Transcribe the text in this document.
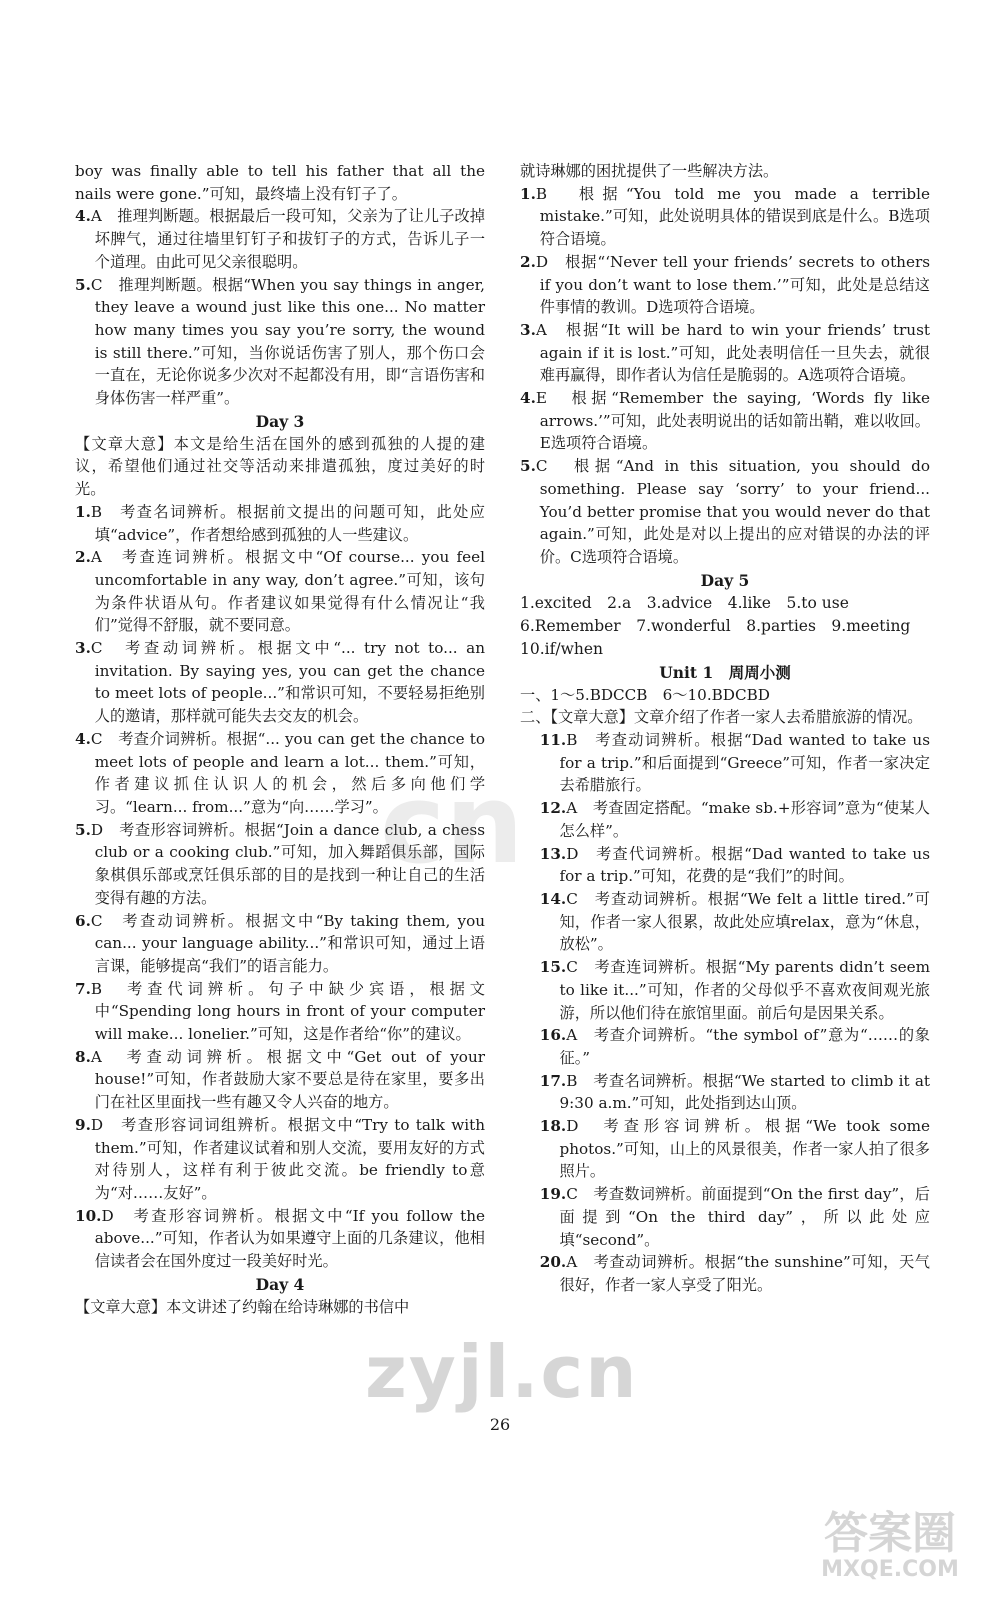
boy was finally able to tell his father that all the nails were gone.”可知，最终墙上没有钉子了。

4.A　推理判断题。根据最后一段可知，父亲为了让儿子改掉坏脾气，通过往墙里钉钉子和拔钉子的方式，告诉儿子一个道理。由此可见父亲很聪明。

5.C　推理判断题。根据“When you say things in anger, they leave a wound just like this one... No matter how many times you say you’re sorry, the wound is still there.”可知，当你说话伤害了别人，那个伤口会一直在，无论你说多少次对不起都没有用，即“言语伤害和身体伤害一样严重”。

Day 3

【文章大意】本文是给生活在国外的感到孤独的人提的建议，希望他们通过社交等活动来排遣孤独，度过美好的时光。

1.B　考查名词辨析。根据前文提出的问题可知，此处应填“advice”，作者想给感到孤独的人一些建议。

2.A　考查连词辨析。根据文中“Of course... you feel uncomfortable in any way, don’t agree.”可知，该句为条件状语从句。作者建议如果觉得有什么情况让“我们”觉得不舒服，就不要同意。

3.C　考查动词辨析。根据文中“... try not to... an invitation. By saying yes, you can get the chance to meet lots of people...”和常识可知，不要轻易拒绝别人的邀请，那样就可能失去交友的机会。

4.C　考查介词辨析。根据“... you can get the chance to meet lots of people and learn a lot... them.”可知，作者建议抓住认识人的机会，然后多向他们学习。“learn... from...”意为“向……学习”。

5.D　考查形容词辨析。根据“Join a dance club, a chess club or a cooking club.”可知，加入舞蹈俱乐部，国际象棋俱乐部或烹饪俱乐部的目的是找到一种让自己的生活变得有趣的方法。

6.C　考查动词辨析。根据文中“By taking them, you can... your language ability...”和常识可知，通过上语言课，能够提高“我们”的语言能力。

7.B　考查代词辨析。句子中缺少宾语，根据文中“Spending long hours in front of your computer will make... lonelier.”可知，这是作者给“你”的建议。

8.A　考查动词辨析。根据文中“Get out of your house!”可知，作者鼓励大家不要总是待在家里，要多出门在社区里面找一些有趣又令人兴奋的地方。

9.D　考查形容词词组辨析。根据文中“Try to talk with them.”可知，作者建议试着和别人交流，要用友好的方式对待别人，这样有利于彼此交流。be friendly to意为“对……友好”。

10.D　考查形容词辨析。根据文中“If you follow the above...”可知，作者认为如果遵守上面的几条建议，他相信读者会在国外度过一段美好时光。

Day 4

【文章大意】本文讲述了约翰在给诗琳娜的书信中

就诗琳娜的困扰提供了一些解决方法。

1.B　根据“You told me you made a terrible mistake.”可知，此处说明具体的错误到底是什么。B选项符合语境。

2.D　根据“‘Never tell your friends’ secrets to others if you don’t want to lose them.’”可知，此处是总结这件事情的教训。D选项符合语境。

3.A　根据“It will be hard to win your friends’ trust again if it is lost.”可知，此处表明信任一旦失去，就很难再赢得，即作者认为信任是脆弱的。A选项符合语境。

4.E　根据“Remember the saying, ‘Words fly like arrows.’”可知，此处表明说出的话如箭出鞘，难以收回。E选项符合语境。

5.C　根据“And in this situation, you should do something. Please say ‘sorry’ to your friend... You’d better promise that you would never do that again.”可知，此处是对以上提出的应对错误的办法的评价。C选项符合语境。

Day 5

1.excited　2.a　3.advice　4.like　5.to use

6.Remember　7.wonderful　8.parties　9.meeting

10.if/when

Unit 1　周周小测

一、1～5.BDCCB　6～10.BDCBD

二、【文章大意】文章介绍了作者一家人去希腊旅游的情况。

11.B　考查动词辨析。根据“Dad wanted to take us for a trip.”和后面提到“Greece”可知，作者一家决定去希腊旅行。

12.A　考查固定搭配。“make sb.+形容词”意为“使某人怎么样”。

13.D　考查代词辨析。根据“Dad wanted to take us for a trip.”可知，花费的是“我们”的时间。

14.C　考查动词辨析。根据“We felt a little tired.”可知，作者一家人很累，故此处应填relax，意为“休息，放松”。

15.C　考查连词辨析。根据“My parents didn’t seem to like it...”可知，作者的父母似乎不喜欢夜间观光旅游，所以他们待在旅馆里面。前后句是因果关系。

16.A　考查介词辨析。“the symbol of”意为“……的象征。”

17.B　考查名词辨析。根据“We started to climb it at 9:30 a.m.”可知，此处指到达山顶。

18.D　考查形容词辨析。根据“We took some photos.”可知，山上的风景很美，作者一家人拍了很多照片。

19.C　考查数词辨析。前面提到“On the first day”，后面提到“On the third day”，所以此处应填“second”。

20.A　考查动词辨析。根据“the sunshine”可知，天气很好，作者一家人享受了阳光。

cn
26
zyjl.cn
答案圈
MXQE.COM
